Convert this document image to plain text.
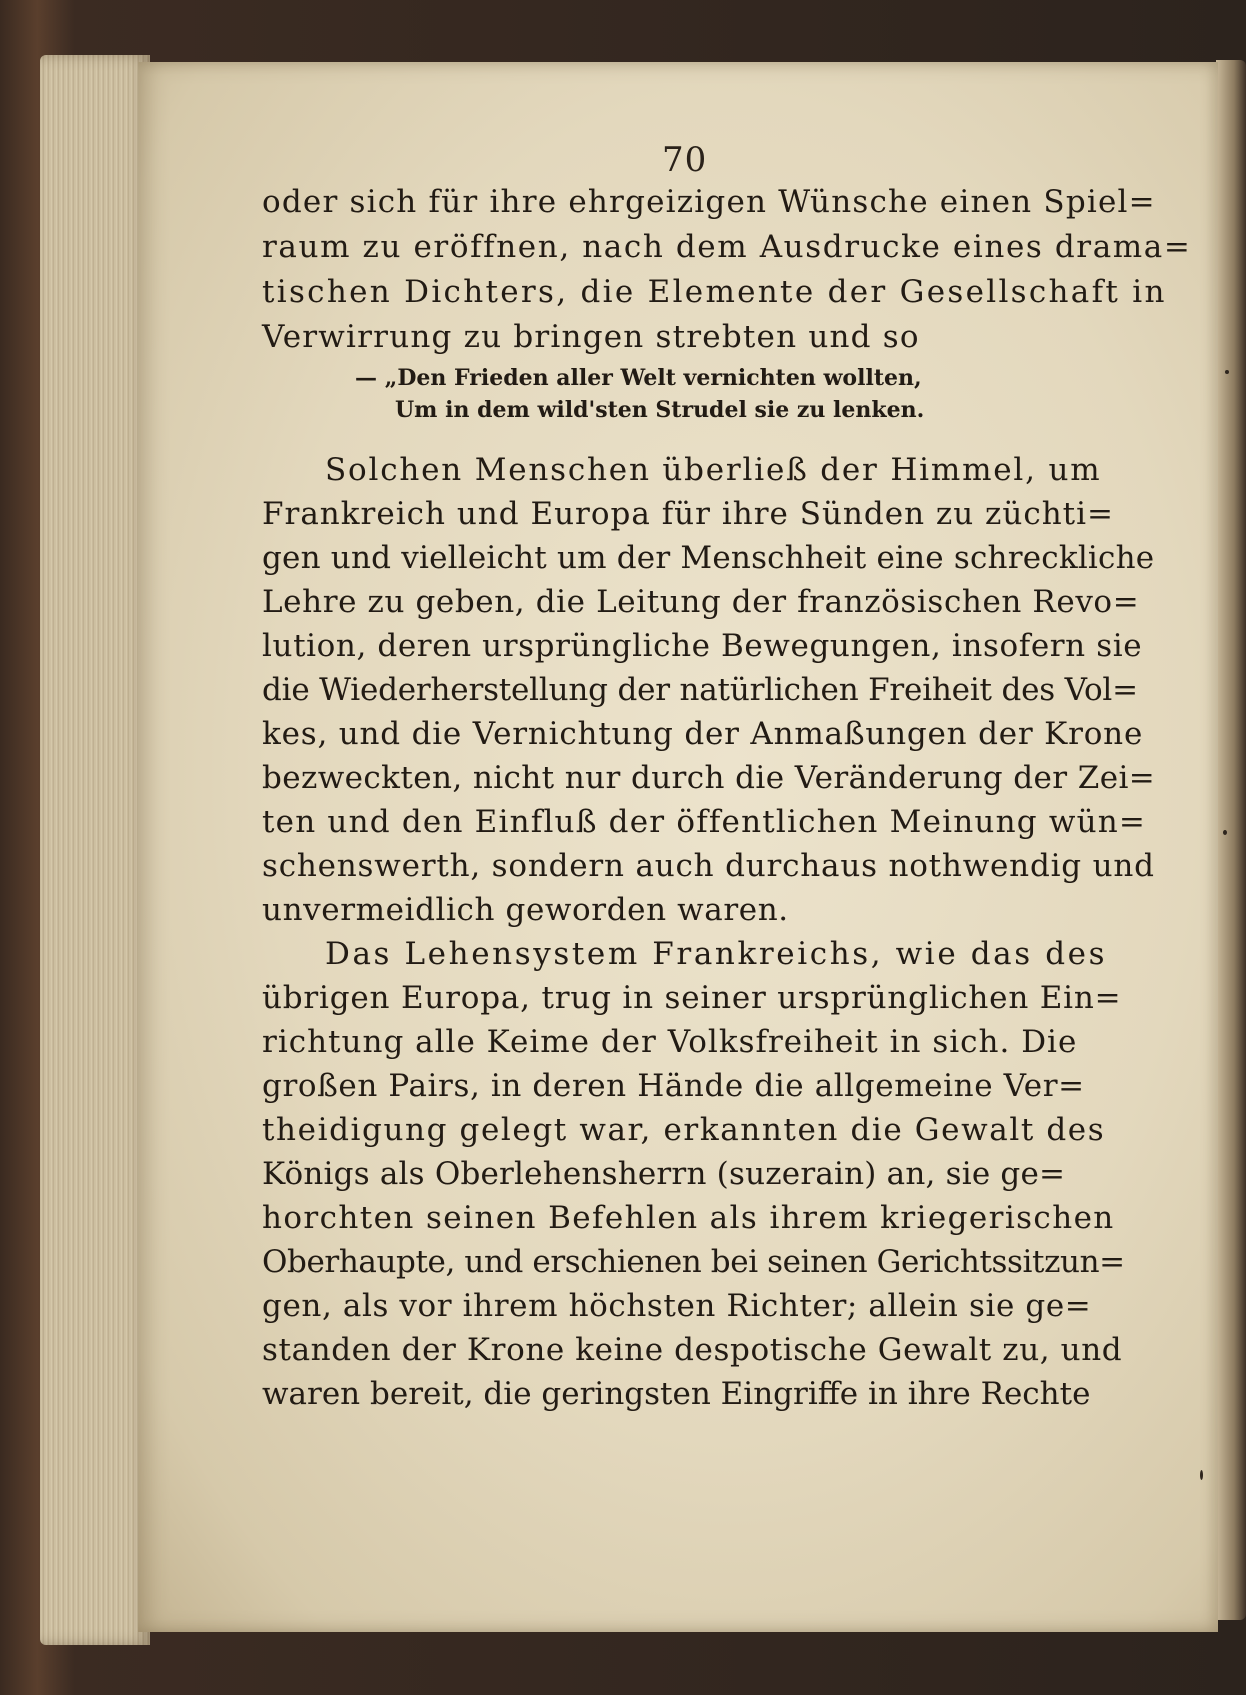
70
oder sich für ihre ehrgeizigen Wünsche einen Spiel=
raum zu eröffnen, nach dem Ausdrucke eines drama=
tischen Dichters, die Elemente der Gesellschaft in
Verwirrung zu bringen strebten und so
— „Den Frieden aller Welt vernichten wollten,
Um in dem wild'sten Strudel sie zu lenken.
Solchen Menschen überließ der Himmel, um
Frankreich und Europa für ihre Sünden zu züchti=
gen und vielleicht um der Menschheit eine schreckliche
Lehre zu geben, die Leitung der französischen Revo=
lution, deren ursprüngliche Bewegungen, insofern sie
die Wiederherstellung der natürlichen Freiheit des Vol=
kes, und die Vernichtung der Anmaßungen der Krone
bezweckten, nicht nur durch die Veränderung der Zei=
ten und den Einfluß der öffentlichen Meinung wün=
schenswerth, sondern auch durchaus nothwendig und
unvermeidlich geworden waren.
Das Lehensystem Frankreichs, wie das des
übrigen Europa, trug in seiner ursprünglichen Ein=
richtung alle Keime der Volksfreiheit in sich. Die
großen Pairs, in deren Hände die allgemeine Ver=
theidigung gelegt war, erkannten die Gewalt des
Königs als Oberlehensherrn (suzerain) an, sie ge=
horchten seinen Befehlen als ihrem kriegerischen
Oberhaupte, und erschienen bei seinen Gerichtssitzun=
gen, als vor ihrem höchsten Richter; allein sie ge=
standen der Krone keine despotische Gewalt zu, und
waren bereit, die geringsten Eingriffe in ihre Rechte
